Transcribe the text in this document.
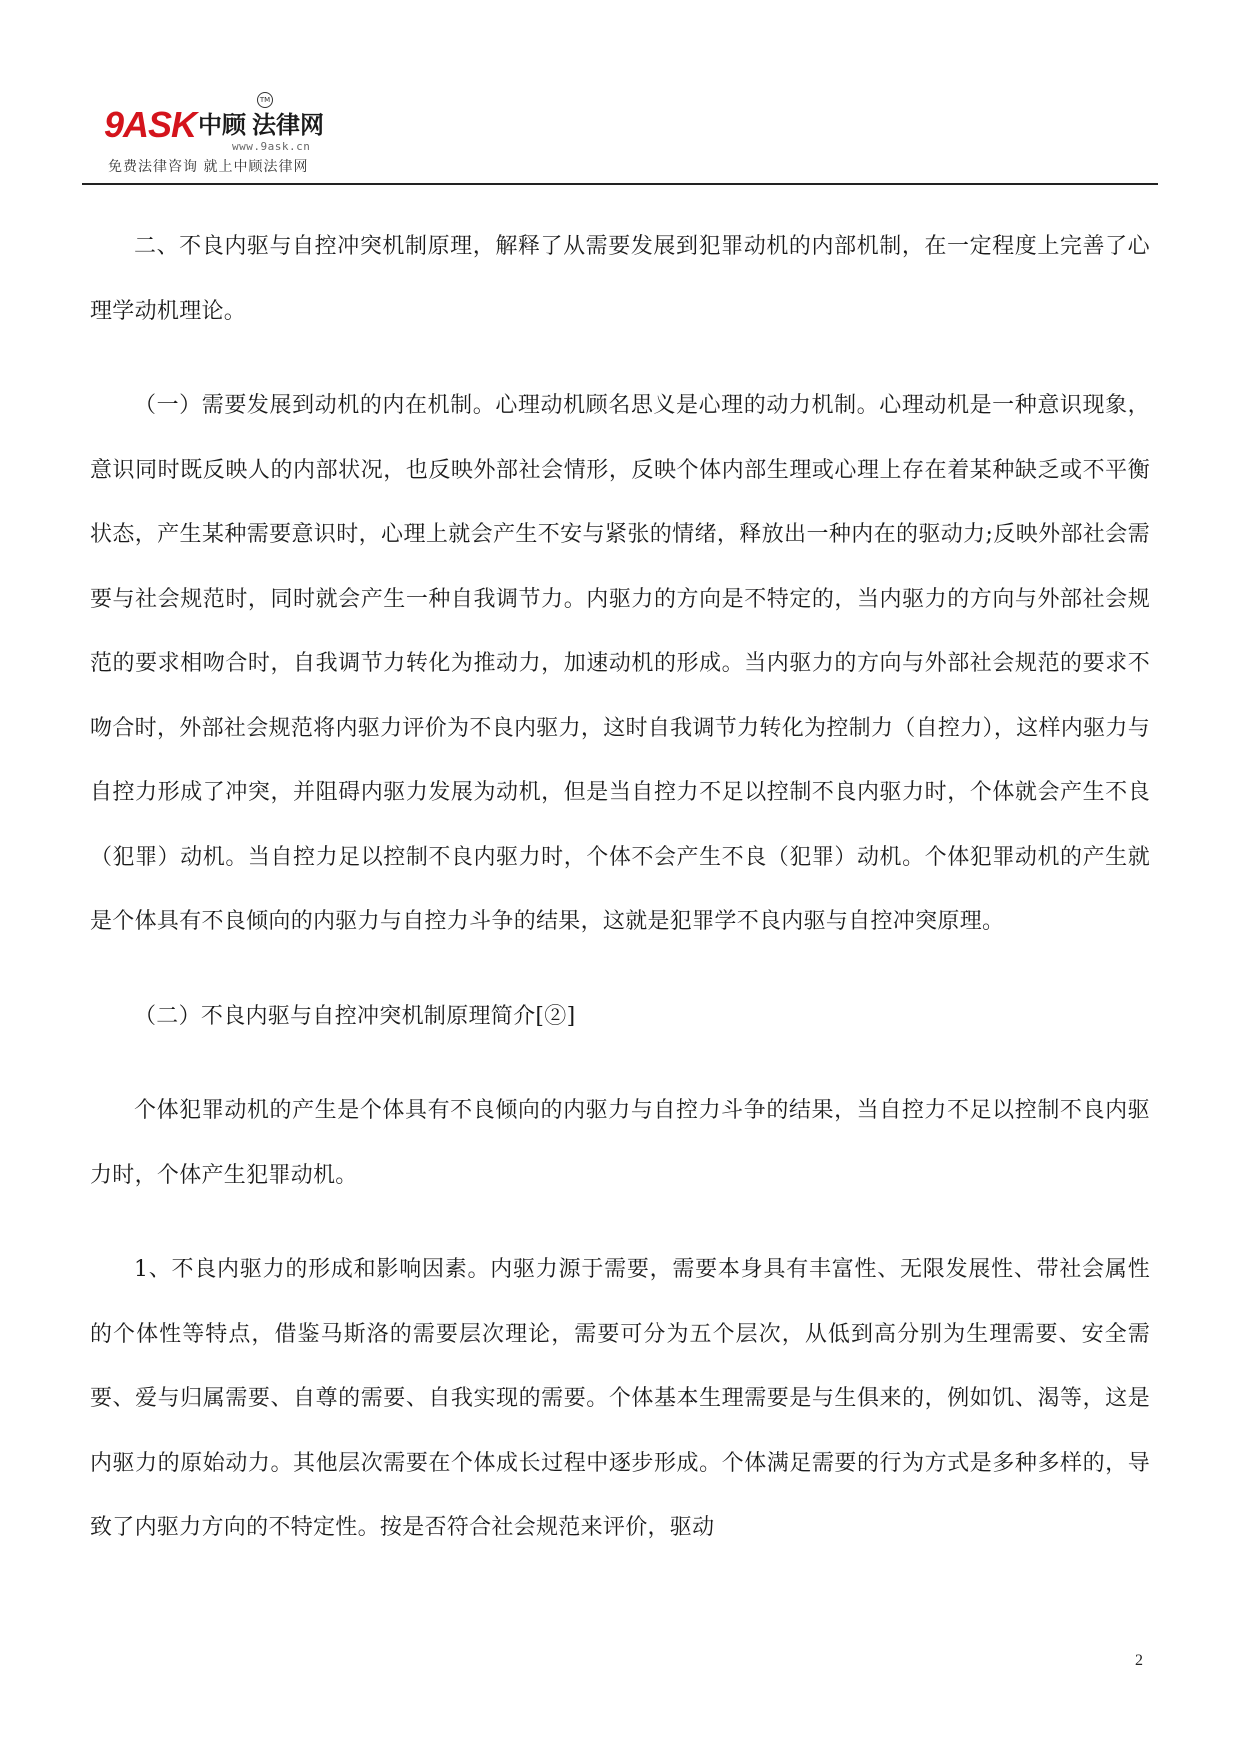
9ASK 中顾 法律网
TM
www.9ask.cn
免费法律咨询 就上中顾法律网

二、不良内驱与自控冲突机制原理，解释了从需要发展到犯罪动机的内部机制，在一定程度上完善了心理学动机理论。

（一）需要发展到动机的内在机制。心理动机顾名思义是心理的动力机制。心理动机是一种意识现象，意识同时既反映人的内部状况，也反映外部社会情形，反映个体内部生理或心理上存在着某种缺乏或不平衡状态，产生某种需要意识时，心理上就会产生不安与紧张的情绪，释放出一种内在的驱动力;反映外部社会需要与社会规范时，同时就会产生一种自我调节力。内驱力的方向是不特定的，当内驱力的方向与外部社会规范的要求相吻合时，自我调节力转化为推动力，加速动机的形成。当内驱力的方向与外部社会规范的要求不吻合时，外部社会规范将内驱力评价为不良内驱力，这时自我调节力转化为控制力（自控力），这样内驱力与自控力形成了冲突，并阻碍内驱力发展为动机，但是当自控力不足以控制不良内驱力时，个体就会产生不良（犯罪）动机。当自控力足以控制不良内驱力时，个体不会产生不良（犯罪）动机。个体犯罪动机的产生就是个体具有不良倾向的内驱力与自控力斗争的结果，这就是犯罪学不良内驱与自控冲突原理。

（二）不良内驱与自控冲突机制原理简介[②]

个体犯罪动机的产生是个体具有不良倾向的内驱力与自控力斗争的结果，当自控力不足以控制不良内驱力时，个体产生犯罪动机。

1、不良内驱力的形成和影响因素。内驱力源于需要，需要本身具有丰富性、无限发展性、带社会属性的个体性等特点，借鉴马斯洛的需要层次理论，需要可分为五个层次，从低到高分别为生理需要、安全需要、爱与归属需要、自尊的需要、自我实现的需要。个体基本生理需要是与生俱来的，例如饥、渴等，这是内驱力的原始动力。其他层次需要在个体成长过程中逐步形成。个体满足需要的行为方式是多种多样的，导致了内驱力方向的不特定性。按是否符合社会规范来评价，驱动

2
